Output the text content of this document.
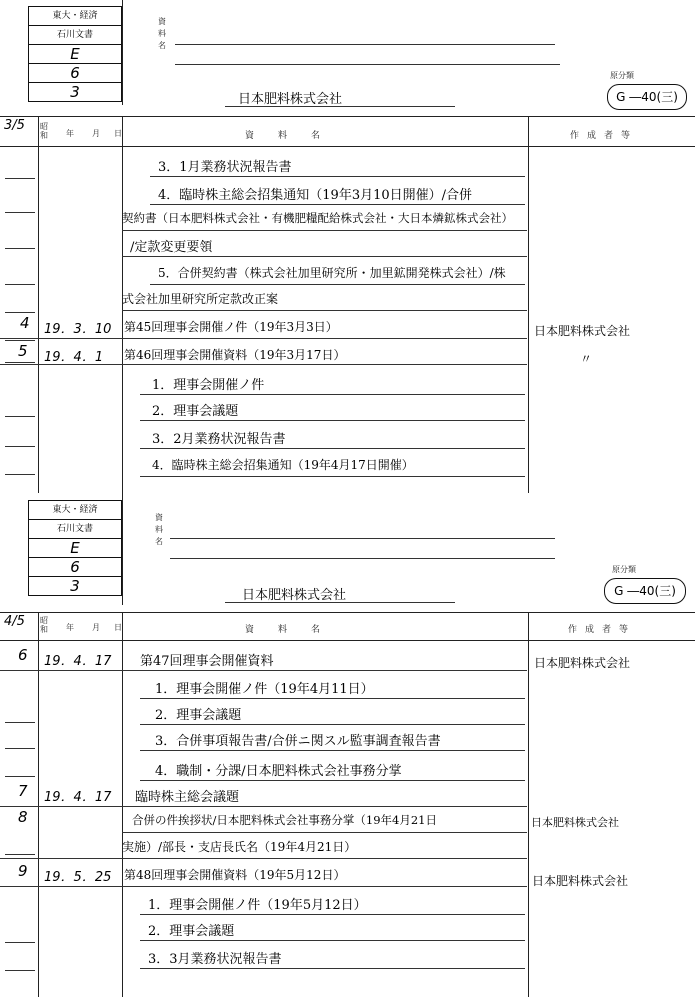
東大・経済
石川文書
E
6
3
資料名
日本肥料株式会社
原分類
G ―40(三)
3/5 昭和 年 月 日	資料名	作成者等
3．1月業務状況報告書
4．臨時株主総会招集通知（19年3月10日開催）/合併
契約書（日本肥料株式会社・有機肥糧配給株式会社・大日本燐鉱株式会社）
/定款変更要領
5．合併契約書（株式会社加里研究所・加里鉱開発株式会社）/株
式会社加里研究所定款改正案
4 19．3．10 第45回理事会開催ノ件（19年3月3日）	日本肥料株式会社
5 19．4．1 第46回理事会開催資料（19年3月17日）	〃
1．理事会開催ノ件
2．理事会議題
3．2月業務状況報告書
4．臨時株主総会招集通知（19年4月17日開催）
東大・経済
石川文書
E
6
3
資料名
日本肥料株式会社
原分類
G ―40(三)
4/5 昭和 年 月 日	資料名	作成者等
6 19．4．17 第47回理事会開催資料	日本肥料株式会社
1．理事会開催ノ件（19年4月11日）
2．理事会議題
3．合併事項報告書/合併ニ関スル監事調査報告書
4．職制・分課/日本肥料株式会社事務分掌
7 19．4．17 臨時株主総会議題
8	合併の件挨拶状/日本肥料株式会社事務分掌（19年4月21日	日本肥料株式会社
実施）/部長・支店長氏名（19年4月21日）
9 19．5．25 第48回理事会開催資料（19年5月12日）	日本肥料株式会社
1．理事会開催ノ件（19年5月12日）
2．理事会議題
3．3月業務状況報告書
